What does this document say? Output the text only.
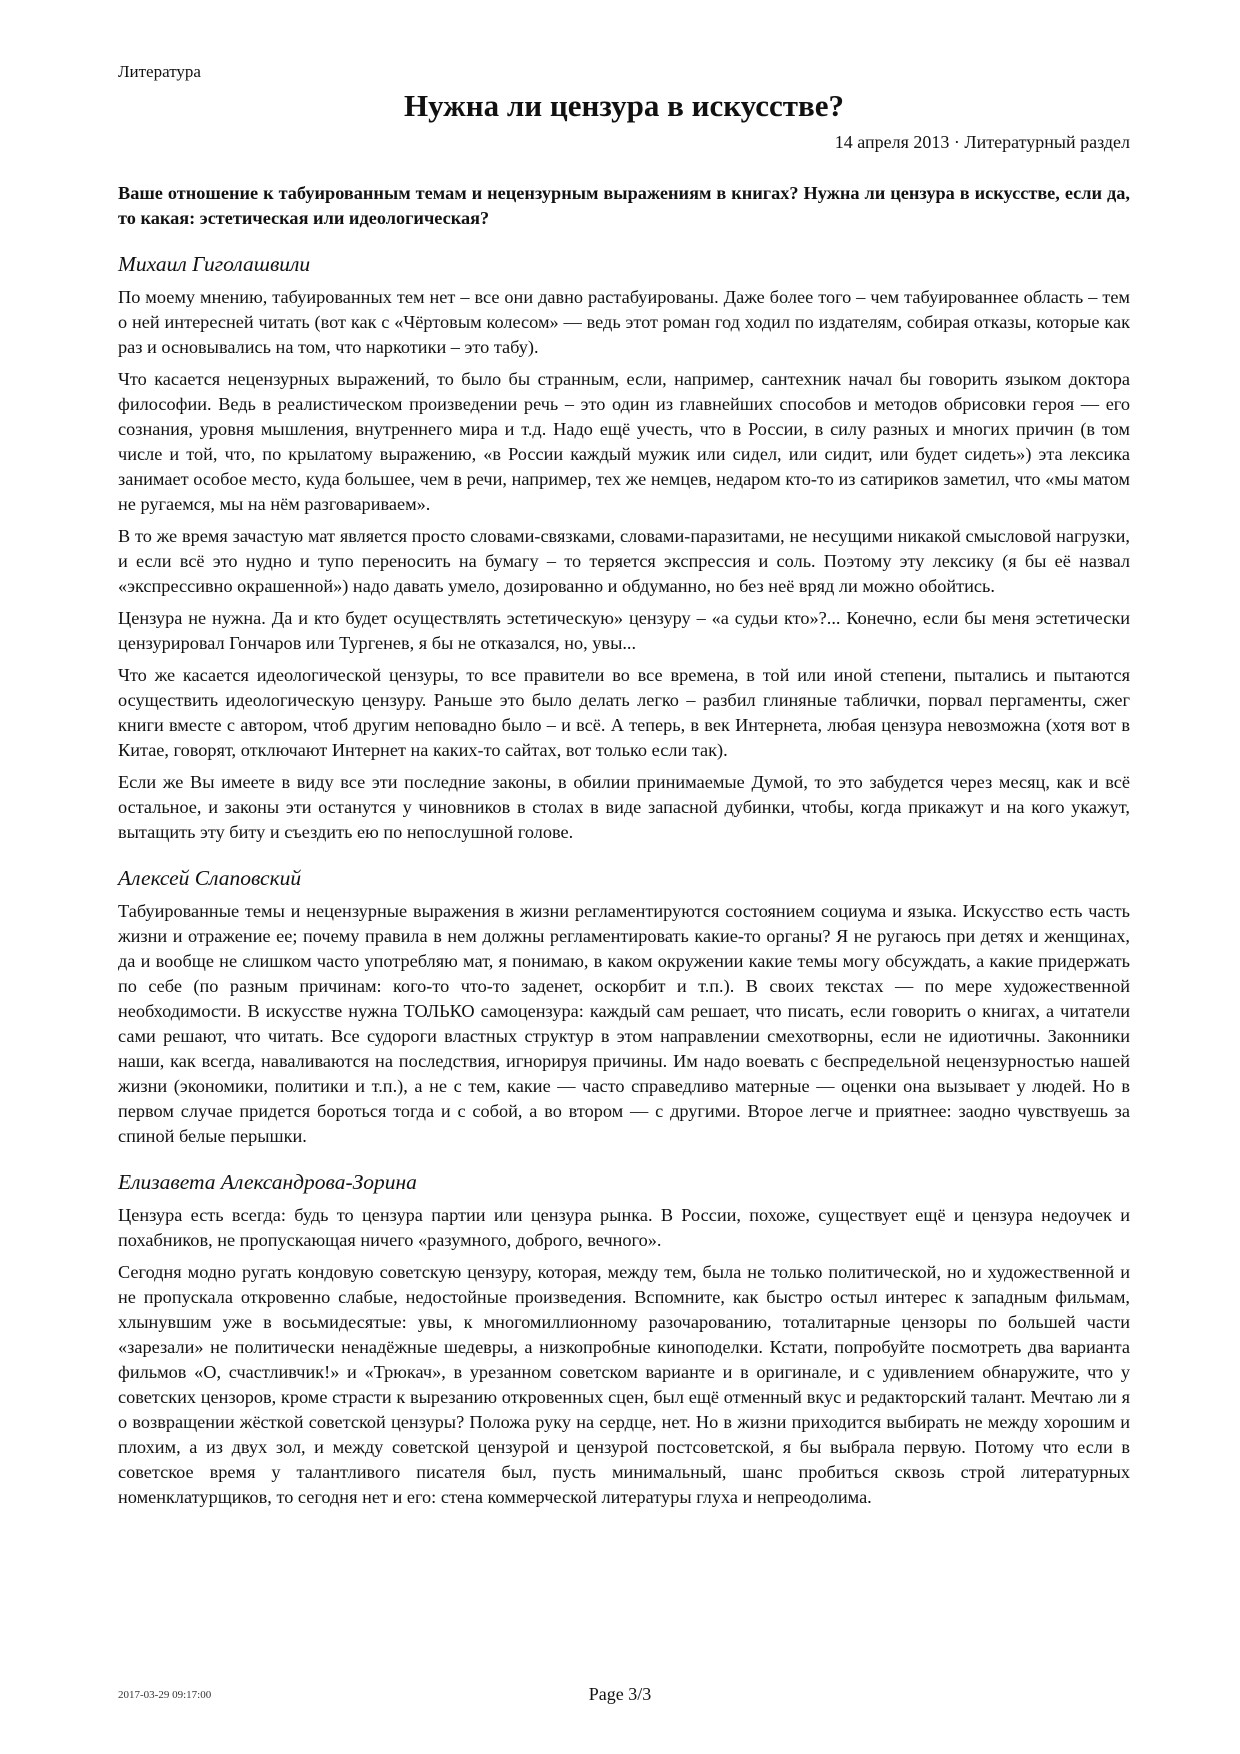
Литература
Нужна ли цензура в искусстве?
14 апреля 2013 · Литературный раздел
Ваше отношение к табуированным темам и нецензурным выражениям в книгах? Нужна ли цензура в искусстве, если да, то какая: эстетическая или идеологическая?
Михаил Гиголашвили

По моему мнению, табуированных тем нет – все они давно растабуированы. Даже более того – чем табуированнее область – тем о ней интересней читать (вот как с «Чёртовым колесом» — ведь этот роман год ходил по издателям, собирая отказы, которые как раз и основывались на том, что наркотики – это табу).

Что касается нецензурных выражений, то было бы странным, если, например, сантехник начал бы говорить языком доктора философии. Ведь в реалистическом произведении речь – это один из главнейших способов и методов обрисовки героя — его сознания, уровня мышления, внутреннего мира и т.д. Надо ещё учесть, что в России, в силу разных и многих причин (в том числе и той, что, по крылатому выражению, «в России каждый мужик или сидел, или сидит, или будет сидеть») эта лексика занимает особое место, куда большее, чем в речи, например, тех же немцев, недаром кто-то из сатириков заметил, что «мы матом не ругаемся, мы на нём разговариваем».

В то же время зачастую мат является просто словами-связками, словами-паразитами, не несущими никакой смысловой нагрузки, и если всё это нудно и тупо переносить на бумагу – то теряется экспрессия и соль. Поэтому эту лексику (я бы её назвал «экспрессивно окрашенной») надо давать умело, дозированно и обдуманно, но без неё вряд ли можно обойтись.

Цензура не нужна. Да и кто будет осуществлять эстетическую» цензуру – «а судьи кто»?... Конечно, если бы меня эстетически цензурировал Гончаров или Тургенев, я бы не отказался, но, увы...

Что же касается идеологической цензуры, то все правители во все времена, в той или иной степени, пытались и пытаются осуществить идеологическую цензуру. Раньше это было делать легко – разбил глиняные таблички, порвал пергаменты, сжег книги вместе с автором, чтоб другим неповадно было – и всё. А теперь, в век Интернета, любая цензура невозможна (хотя вот в Китае, говорят, отключают Интернет на каких-то сайтах, вот только если так).

Если же Вы имеете в виду все эти последние законы, в обилии принимаемые Думой, то это забудется через месяц, как и всё остальное, и законы эти останутся у чиновников в столах в виде запасной дубинки, чтобы, когда прикажут и на кого укажут, вытащить эту биту и съездить ею по непослушной голове.

Алексей Слаповский

Табуированные темы и нецензурные выражения в жизни регламентируются состоянием социума и языка. Искусство есть часть жизни и отражение ее; почему правила в нем должны регламентировать какие-то органы? Я не ругаюсь при детях и женщинах, да и вообще не слишком часто употребляю мат, я понимаю, в каком окружении какие темы могу обсуждать, а какие придержать по себе (по разным причинам: кого-то что-то заденет, оскорбит и т.п.). В своих текстах — по мере художественной необходимости. В искусстве нужна ТОЛЬКО самоцензура: каждый сам решает, что писать, если говорить о книгах, а читатели сами решают, что читать. Все судороги властных структур в этом направлении смехотворны, если не идиотичны. Законники наши, как всегда, наваливаются на последствия, игнорируя причины. Им надо воевать с беспредельной нецензурностью нашей жизни (экономики, политики и т.п.), а не с тем, какие — часто справедливо матерные — оценки она вызывает у людей. Но в первом случае придется бороться тогда и с собой, а во втором — с другими. Второе легче и приятнее: заодно чувствуешь за спиной белые перышки.

Елизавета Александрова-Зорина

Цензура есть всегда: будь то цензура партии или цензура рынка. В России, похоже, существует ещё и цензура недоучек и похабников, не пропускающая ничего «разумного, доброго, вечного».

Сегодня модно ругать кондовую советскую цензуру, которая, между тем, была не только политической, но и художественной и не пропускала откровенно слабые, недостойные произведения. Вспомните, как быстро остыл интерес к западным фильмам, хлынувшим уже в восьмидесятые: увы, к многомиллионному разочарованию, тоталитарные цензоры по большей части «зарезали» не политически ненадёжные шедевры, а низкопробные киноподелки. Кстати, попробуйте посмотреть два варианта фильмов «О, счастливчик!» и «Трюкач», в урезанном советском варианте и в оригинале, и с удивлением обнаружите, что у советских цензоров, кроме страсти к вырезанию откровенных сцен, был ещё отменный вкус и редакторский талант. Мечтаю ли я о возвращении жёсткой советской цензуры? Положа руку на сердце, нет. Но в жизни приходится выбирать не между хорошим и плохим, а из двух зол, и между советской цензурой и цензурой постсоветской, я бы выбрала первую. Потому что если в советское время у талантливого писателя был, пусть минимальный, шанс пробиться сквозь строй литературных номенклатурщиков, то сегодня нет и его: стена коммерческой литературы глуха и непреодолима.

2017-03-29 09:17:00	Page 3/3
